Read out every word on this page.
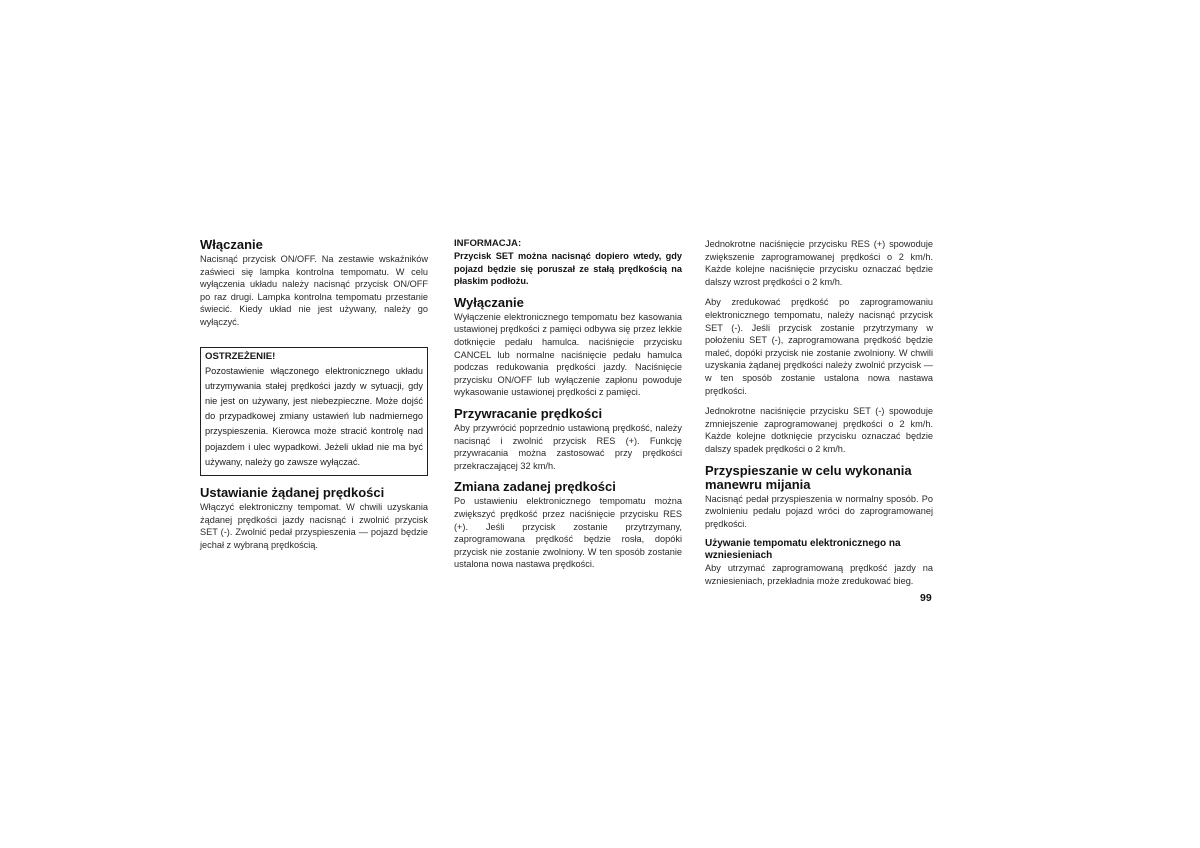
Włączanie

Nacisnąć przycisk ON/OFF. Na zestawie wskaźników zaświeci się lampka kontrolna tempomatu. W celu wyłączenia układu należy nacisnąć przycisk ON/OFF po raz drugi. Lampka kontrolna tempomatu przestanie świecić. Kiedy układ nie jest używany, należy go wyłączyć.

OSTRZEŻENIE!

Pozostawienie włączonego elektronicznego układu utrzymywania stałej prędkości jazdy w sytuacji, gdy nie jest on używany, jest niebezpieczne. Może dojść do przypadkowej zmiany ustawień lub nadmiernego przyspieszenia. Kierowca może stracić kontrolę nad pojazdem i ulec wypadkowi. Jeżeli układ nie ma być używany, należy go zawsze wyłączać.

Ustawianie żądanej prędkości

Włączyć elektroniczny tempomat. W chwili uzyskania żądanej prędkości jazdy nacisnąć i zwolnić przycisk SET (-). Zwolnić pedał przyspieszenia — pojazd będzie jechał z wybraną prędkością.

INFORMACJA:

Przycisk SET można nacisnąć dopiero wtedy, gdy pojazd będzie się poruszał ze stałą prędkością na płaskim podłożu.

Wyłączanie

Wyłączenie elektronicznego tempomatu bez kasowania ustawionej prędkości z pamięci odbywa się przez lekkie dotknięcie pedału hamulca. naciśnięcie przycisku CANCEL lub normalne naciśnięcie pedału hamulca podczas redukowania prędkości jazdy. Naciśnięcie przycisku ON/OFF lub wyłączenie zapłonu powoduje wykasowanie ustawionej prędkości z pamięci.

Przywracanie prędkości

Aby przywrócić poprzednio ustawioną prędkość, należy nacisnąć i zwolnić przycisk RES (+). Funkcję przywracania można zastosować przy prędkości przekraczającej 32 km/h.

Zmiana zadanej prędkości

Po ustawieniu elektronicznego tempomatu można zwiększyć prędkość przez naciśnięcie przycisku RES (+). Jeśli przycisk zostanie przytrzymany, zaprogramowana prędkość będzie rosła, dopóki przycisk nie zostanie zwolniony. W ten sposób zostanie ustalona nowa nastawa prędkości.

Jednokrotne naciśnięcie przycisku RES (+) spowoduje zwiększenie zaprogramowanej prędkości o 2 km/h. Każde kolejne naciśnięcie przycisku oznaczać będzie dalszy wzrost prędkości o 2 km/h.

Aby zredukować prędkość po zaprogramowaniu elektronicznego tempomatu, należy nacisnąć przycisk SET (-). Jeśli przycisk zostanie przytrzymany w położeniu SET (-), zaprogramowana prędkość będzie maleć, dopóki przycisk nie zostanie zwolniony. W chwili uzyskania żądanej prędkości należy zwolnić przycisk — w ten sposób zostanie ustalona nowa nastawa prędkości.

Jednokrotne naciśnięcie przycisku SET (-) spowoduje zmniejszenie zaprogramowanej prędkości o 2 km/h. Każde kolejne dotknięcie przycisku oznaczać będzie dalszy spadek prędkości o 2 km/h.

Przyspieszanie w celu wykonania manewru mijania

Nacisnąć pedał przyspieszenia w normalny sposób. Po zwolnieniu pedału pojazd wróci do zaprogramowanej prędkości.

Używanie tempomatu elektronicznego na wzniesieniach

Aby utrzymać zaprogramowaną prędkość jazdy na wzniesieniach, przekładnia może zredukować bieg.

99
